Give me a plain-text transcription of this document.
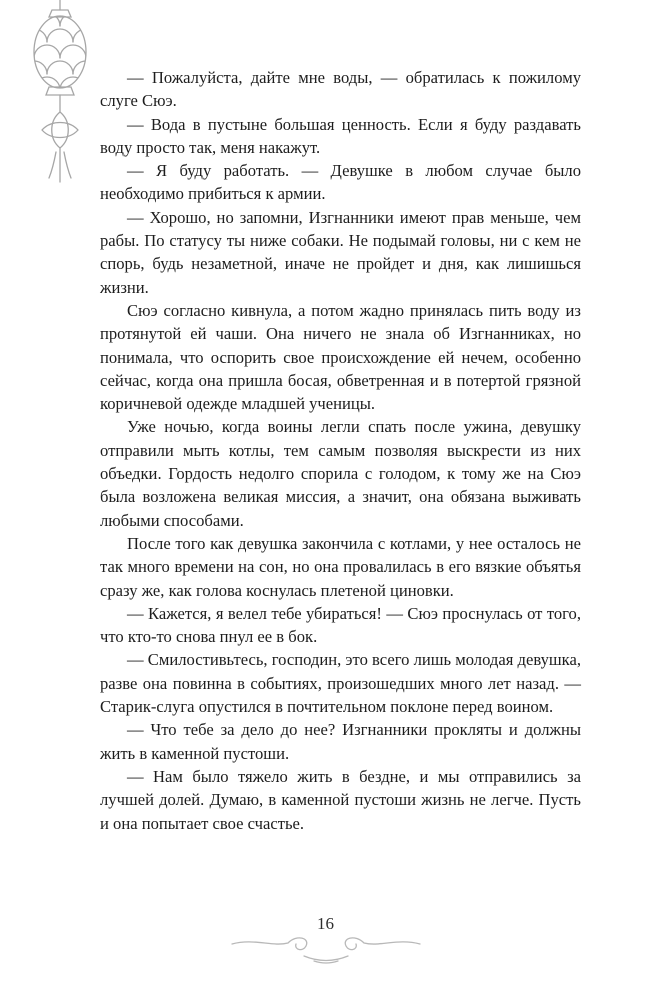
— Пожалуйста, дайте мне воды, — обратилась к пожилому слуге Сюэ.

— Вода в пустыне большая ценность. Если я буду раздавать воду просто так, меня накажут.

— Я буду работать. — Девушке в любом случае было необходимо прибиться к армии.

— Хорошо, но запомни, Изгнанники имеют прав меньше, чем рабы. По статусу ты ниже собаки. Не подымай головы, ни с кем не спорь, будь незаметной, иначе не пройдет и дня, как лишишься жизни.

Сюэ согласно кивнула, а потом жадно принялась пить воду из протянутой ей чаши. Она ничего не знала об Изгнанниках, но понимала, что оспорить свое происхождение ей нечем, особенно сейчас, когда она пришла босая, обветренная и в потертой грязной коричневой одежде младшей ученицы.

Уже ночью, когда воины легли спать после ужина, девушку отправили мыть котлы, тем самым позволяя выскрести из них объедки. Гордость недолго спорила с голодом, к тому же на Сюэ была возложена великая миссия, а значит, она обязана выживать любыми способами.

После того как девушка закончила с котлами, у нее осталось не так много времени на сон, но она провалилась в его вязкие объятья сразу же, как голова коснулась плетеной циновки.

— Кажется, я велел тебе убираться! — Сюэ проснулась от того, что кто-то снова пнул ее в бок.

— Смилостивьтесь, господин, это всего лишь молодая девушка, разве она повинна в событиях, произошедших много лет назад. — Старик-слуга опустился в почтительном поклоне перед воином.

— Что тебе за дело до нее? Изгнанники прокляты и должны жить в каменной пустоши.

— Нам было тяжело жить в бездне, и мы отправились за лучшей долей. Думаю, в каменной пустоши жизнь не легче. Пусть и она попытает свое счастье.

16
